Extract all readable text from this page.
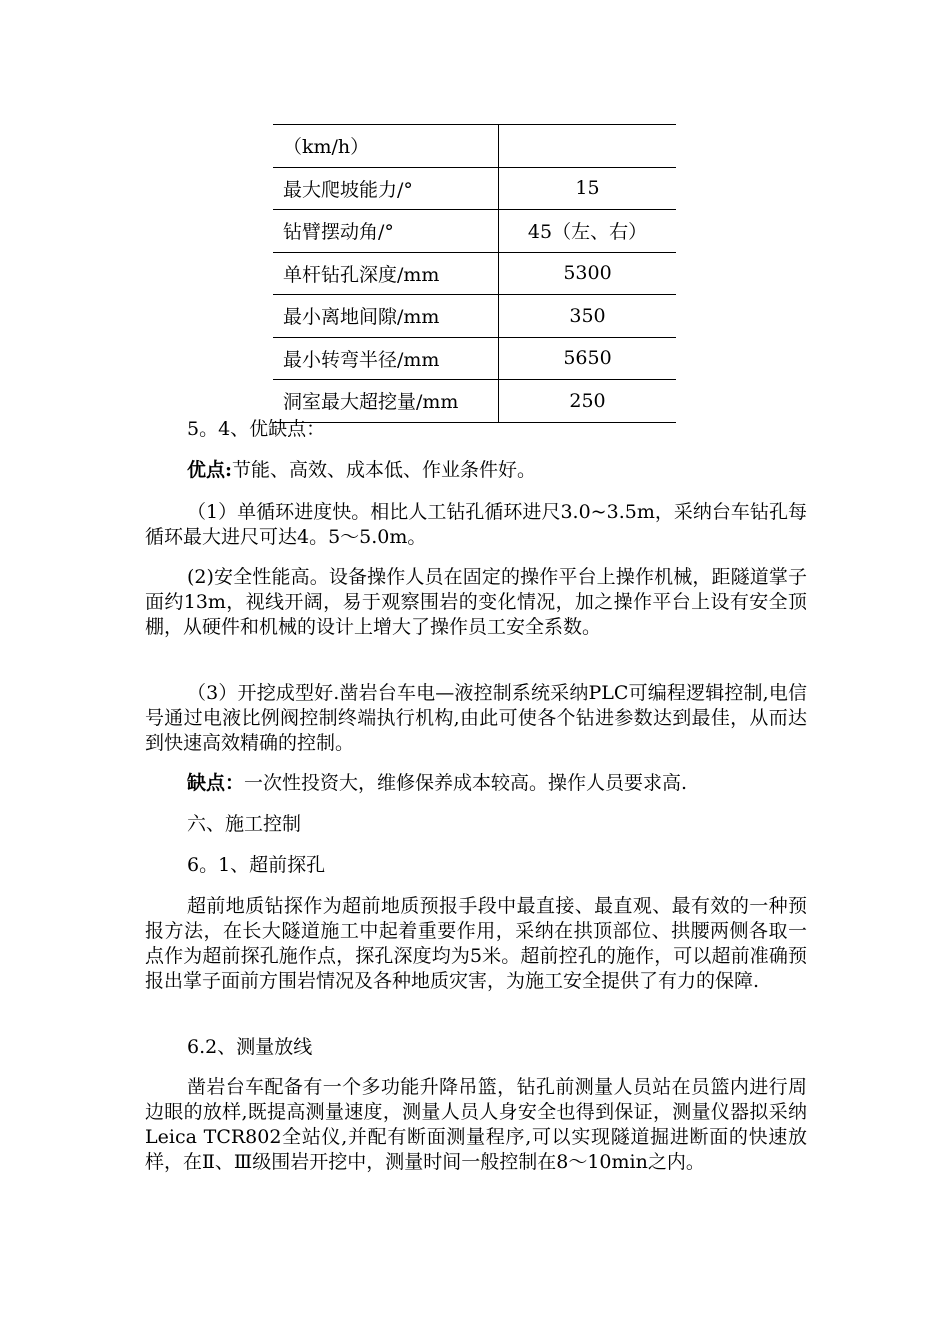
（km/h）	
最大爬坡能力/°	15
钻臂摆动角/°	45（左、右）
单杆钻孔深度/mm	5300
最小离地间隙/mm	350
最小转弯半径/mm	5650
洞室最大超挖量/mm	250
5。4、优缺点：
优点:节能、高效、成本低、作业条件好。
（1）单循环进度快。相比人工钻孔循环进尺3.0~3.5m，采纳台车钻孔每循环最大进尺可达4。5～5.0m。
(2)安全性能高。设备操作人员在固定的操作平台上操作机械，距隧道掌子面约13m，视线开阔，易于观察围岩的变化情况，加之操作平台上设有安全顶棚，从硬件和机械的设计上增大了操作员工安全系数。
（3）开挖成型好.凿岩台车电—液控制系统采纳PLC可编程逻辑控制,电信号通过电液比例阀控制终端执行机构,由此可使各个钻进参数达到最佳，从而达到快速高效精确的控制。
缺点：一次性投资大，维修保养成本较高。操作人员要求高.
六、施工控制
6。1、超前探孔
超前地质钻探作为超前地质预报手段中最直接、最直观、最有效的一种预报方法，在长大隧道施工中起着重要作用，采纳在拱顶部位、拱腰两侧各取一点作为超前探孔施作点，探孔深度均为5米。超前控孔的施作，可以超前准确预报出掌子面前方围岩情况及各种地质灾害，为施工安全提供了有力的保障.
6.2、测量放线
凿岩台车配备有一个多功能升降吊篮，钻孔前测量人员站在员篮内进行周边眼的放样,既提高测量速度，测量人员人身安全也得到保证，测量仪器拟采纳Leica TCR802全站仪,并配有断面测量程序,可以实现隧道掘进断面的快速放样，在Ⅱ、Ⅲ级围岩开挖中，测量时间一般控制在8～10min之内。
